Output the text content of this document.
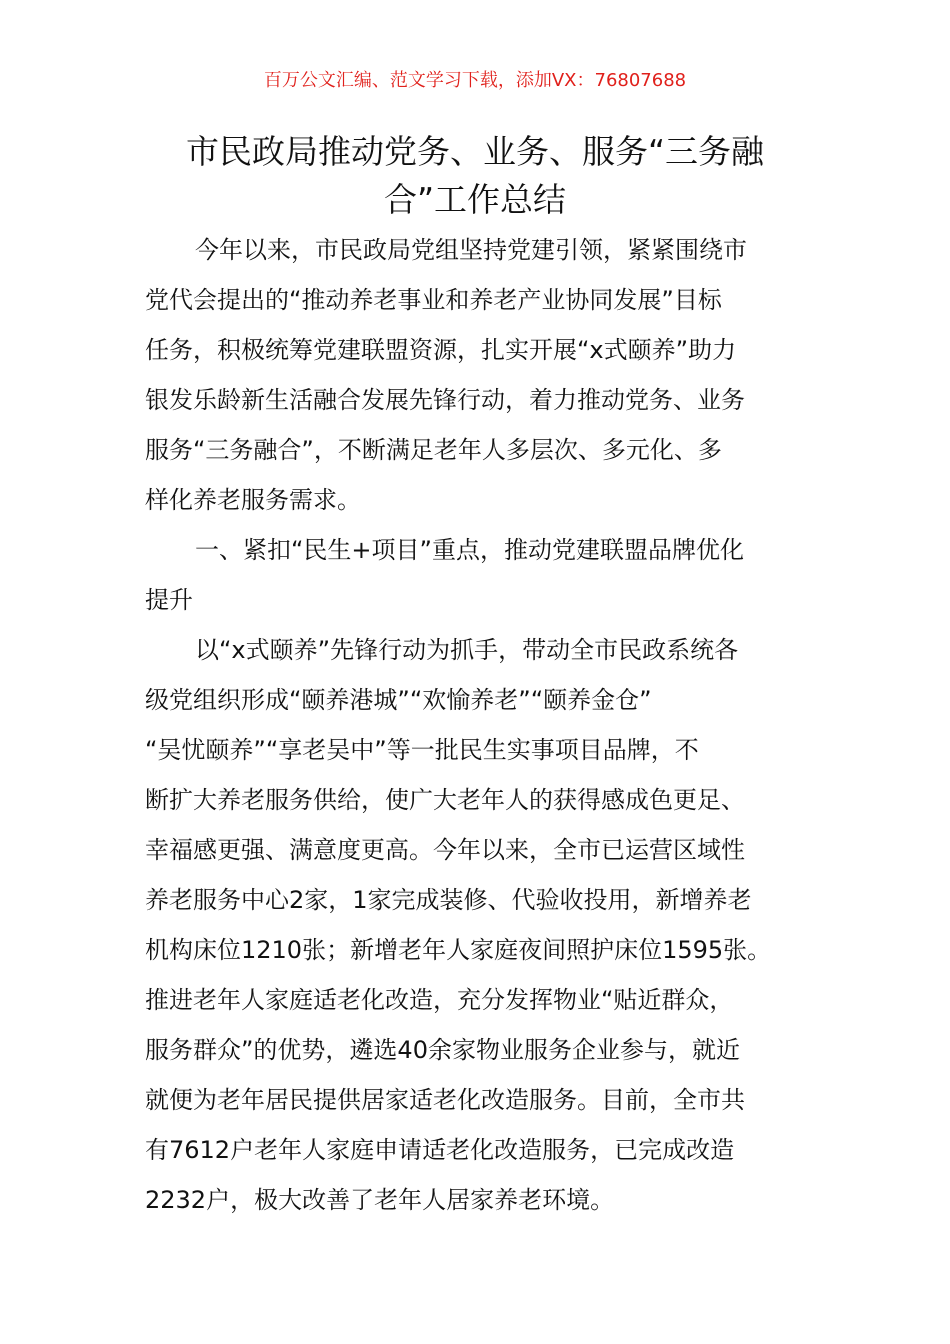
百万公文汇编、范文学习下载，添加VX：76807688
市民政局推动党务、业务、服务“三务融
合”工作总结
今年以来，市民政局党组坚持党建引领，紧紧围绕市
党代会提出的“推动养老事业和养老产业协同发展”目标
任务，积极统筹党建联盟资源，扎实开展“x式颐养”助力
银发乐龄新生活融合发展先锋行动，着力推动党务、业务
服务“三务融合”，不断满足老年人多层次、多元化、多
样化养老服务需求。
一、紧扣“民生+项目”重点，推动党建联盟品牌优化
提升
以“x式颐养”先锋行动为抓手，带动全市民政系统各
级党组织形成“颐养港城”“欢愉养老”“颐养金仓”
“吴忧颐养”“享老吴中”等一批民生实事项目品牌，不
断扩大养老服务供给，使广大老年人的获得感成色更足、
幸福感更强、满意度更高。今年以来，全市已运营区域性
养老服务中心2家，1家完成装修、代验收投用，新增养老
机构床位1210张；新增老年人家庭夜间照护床位1595张。
推进老年人家庭适老化改造，充分发挥物业“贴近群众，
服务群众”的优势，遴选40余家物业服务企业参与，就近
就便为老年居民提供居家适老化改造服务。目前，全市共
有7612户老年人家庭申请适老化改造服务，已完成改造
2232户，极大改善了老年人居家养老环境。
